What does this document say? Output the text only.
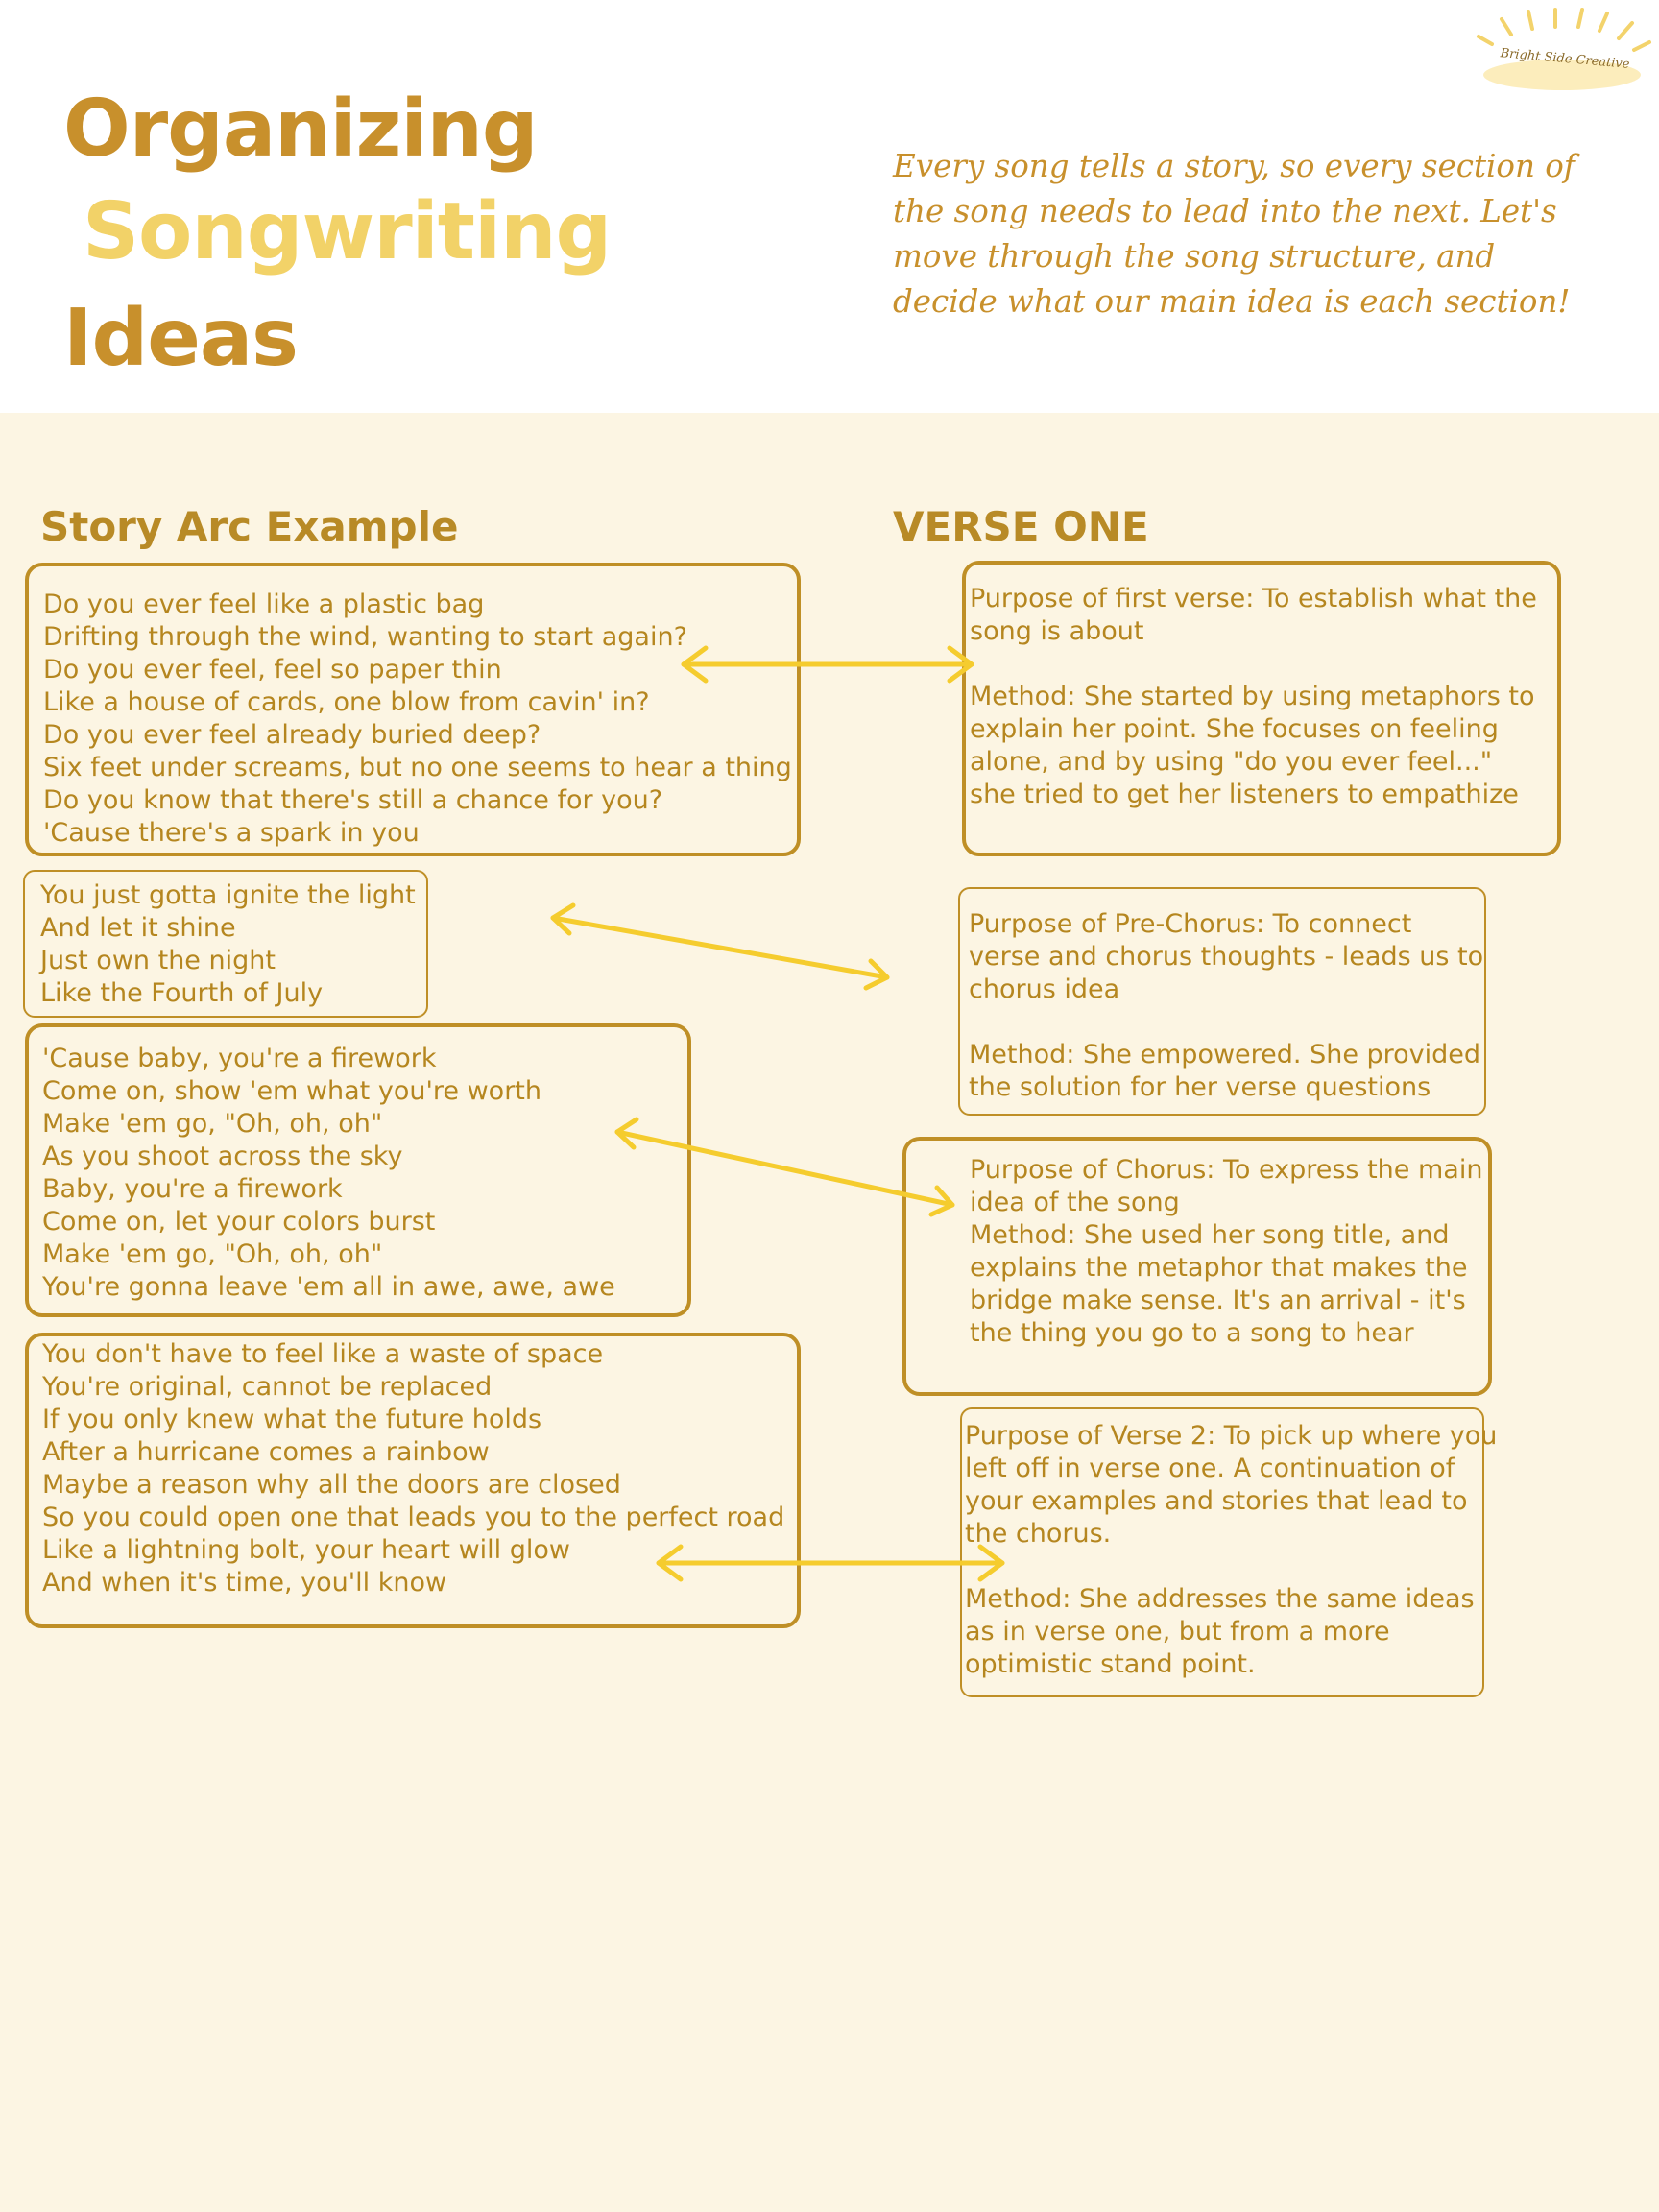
Organizing
Songwriting
Ideas

Every song tells a story, so every section of the song needs to lead into the next. Let's move through the song structure, and decide what our main idea is each section!

Bright Side Creative
Story Arc Example	VERSE ONE

Do you ever feel like a plastic bag
Drifting through the wind, wanting to start again?
Do you ever feel, feel so paper thin
Like a house of cards, one blow from cavin' in?
Do you ever feel already buried deep?
Six feet under screams, but no one seems to hear a thing
Do you know that there's still a chance for you?
'Cause there's a spark in you

You just gotta ignite the light
And let it shine
Just own the night
Like the Fourth of July

'Cause baby, you're a firework
Come on, show 'em what you're worth
Make 'em go, "Oh, oh, oh"
As you shoot across the sky
Baby, you're a firework
Come on, let your colors burst
Make 'em go, "Oh, oh, oh"
You're gonna leave 'em all in awe, awe, awe

You don't have to feel like a waste of space
You're original, cannot be replaced
If you only knew what the future holds
After a hurricane comes a rainbow
Maybe a reason why all the doors are closed
So you could open one that leads you to the perfect road
Like a lightning bolt, your heart will glow
And when it's time, you'll know

Purpose of first verse: To establish what the song is about

Method: She started by using metaphors to explain her point. She focuses on feeling alone, and by using "do you ever feel..." she tried to get her listeners to empathize

Purpose of Pre-Chorus: To connect verse and chorus thoughts - leads us to chorus idea

Method: She empowered. She provided the solution for her verse questions

Purpose of Chorus: To express the main idea of the song
Method: She used her song title, and explains the metaphor that makes the bridge make sense. It's an arrival - it's the thing you go to a song to hear

Purpose of Verse 2: To pick up where you left off in verse one. A continuation of your examples and stories that lead to the chorus.

Method: She addresses the same ideas as in verse one, but from a more optimistic stand point.
